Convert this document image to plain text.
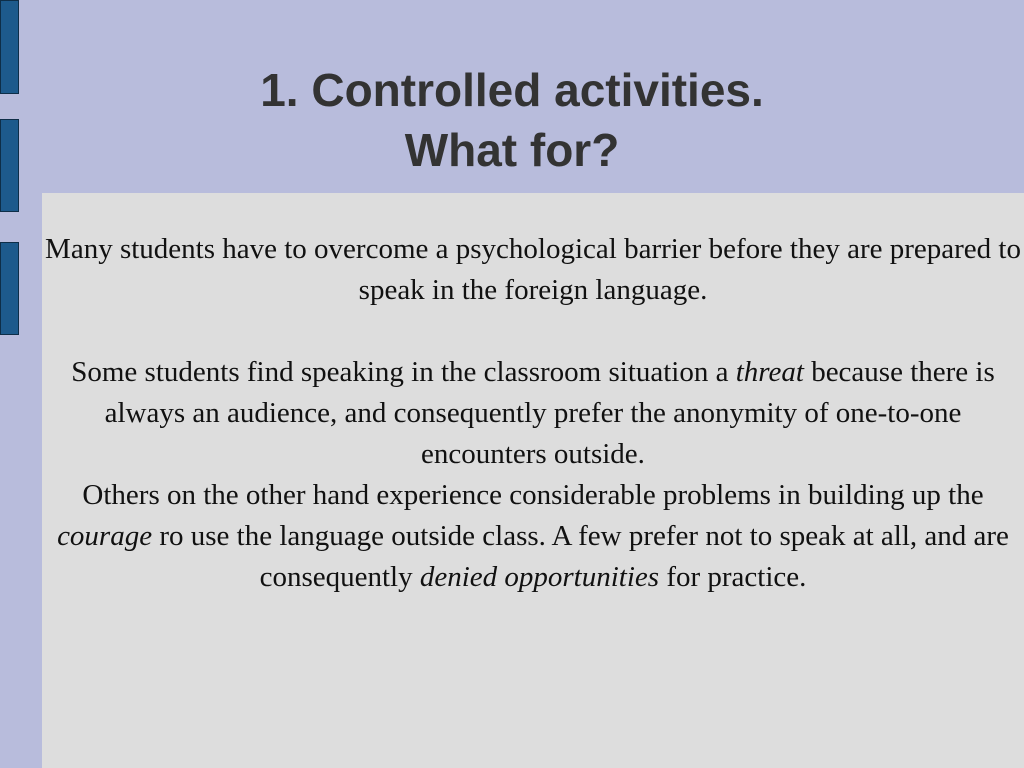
1. Controlled activities.
What for?

Many students have to overcome a psychological barrier before they are prepared to speak in the foreign language.

Some students find speaking in the classroom situation a threat because there is always an audience, and consequently prefer the anonymity of one-to-one encounters outside.

Others on the other hand experience considerable problems in building up the courage ro use the language outside class. A few prefer not to speak at all, and are consequently denied opportunities for practice.
